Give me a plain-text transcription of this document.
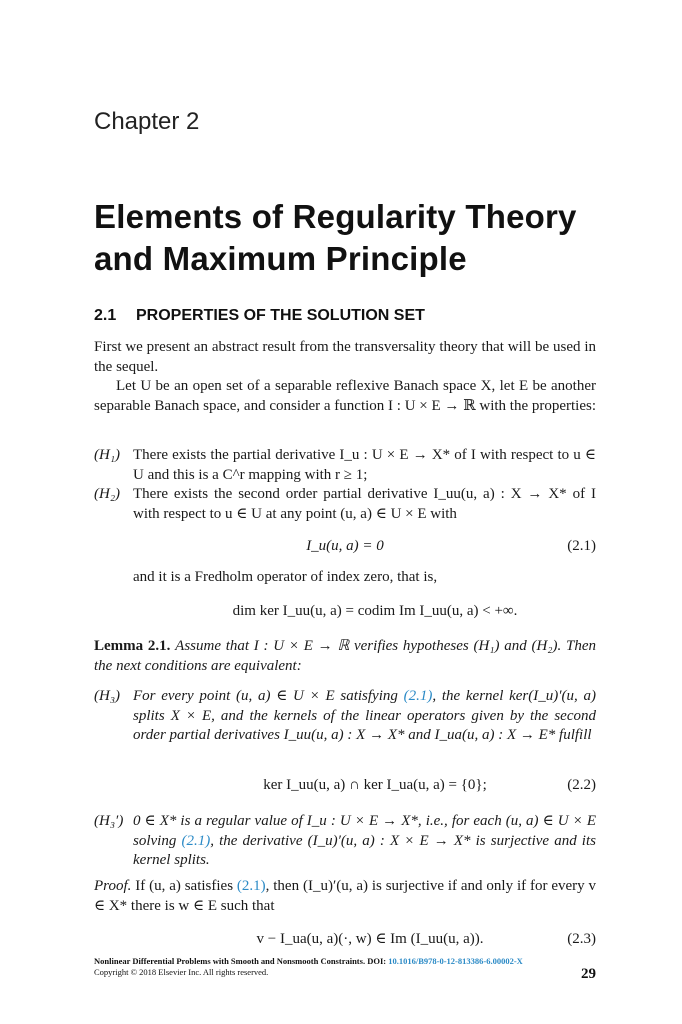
Chapter 2
Elements of Regularity Theory
and Maximum Principle
2.1 PROPERTIES OF THE SOLUTION SET
First we present an abstract result from the transversality theory that will be used in the sequel.
Let U be an open set of a separable reflexive Banach space X, let E be another separable Banach space, and consider a function I : U × E → ℝ with the properties:
(H₁) There exists the partial derivative I_u : U × E → X* of I with respect to u ∈ U and this is a C^r mapping with r ≥ 1;
(H₂) There exists the second order partial derivative I_uu(u, a) : X → X* of I with respect to u ∈ U at any point (u, a) ∈ U × E with
I_u(u, a) = 0	(2.1)
and it is a Fredholm operator of index zero, that is,
dim ker I_uu(u, a) = codim Im I_uu(u, a) < +∞.
Lemma 2.1. Assume that I : U × E → ℝ verifies hypotheses (H₁) and (H₂). Then the next conditions are equivalent:
(H₃) For every point (u, a) ∈ U × E satisfying (2.1), the kernel ker(I_u)′(u, a) splits X × E, and the kernels of the linear operators given by the second order partial derivatives I_uu(u, a) : X → X* and I_ua(u, a) : X → E* fulfill
ker I_uu(u, a) ∩ ker I_ua(u, a) = {0};	(2.2)
(H₃′) 0 ∈ X* is a regular value of I_u : U × E → X*, i.e., for each (u, a) ∈ U × E solving (2.1), the derivative (I_u)′(u, a) : X × E → X* is surjective and its kernel splits.
Proof. If (u, a) satisfies (2.1), then (I_u)′(u, a) is surjective if and only if for every v ∈ X* there is w ∈ E such that
v − I_ua(u, a)(·, w) ∈ Im (I_uu(u, a)).	(2.3)
Nonlinear Differential Problems with Smooth and Nonsmooth Constraints. DOI: 10.1016/B978-0-12-813386-6.00002-X
Copyright © 2018 Elsevier Inc. All rights reserved.	29
